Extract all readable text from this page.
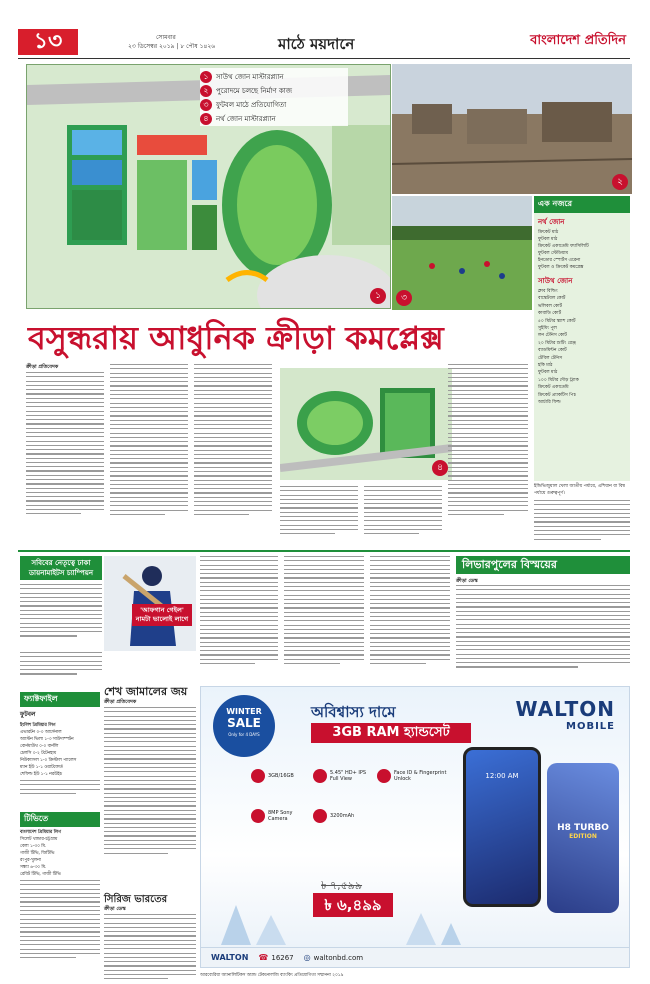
১৩	২৩ ডিসেম্বর ২০১৯ | ৮ পৌষ ১৪২৬
সোমবার	মাঠে ময়দানে	বাংলাদেশ প্রতিদিন
১	সাউথ জোন মাস্টারপ্ল্যান
২	পুরোদমে চলছে নির্মাণ কাজ
৩	ফুটবল মাঠে প্রতিযোগিতা
৪	নর্থ জোন মাস্টারপ্ল্যান
১
২
৩
এক নজরে
নর্থ জোন
ক্রিকেট মাঠ
ফুটবল মাঠ
ক্রিকেট একাডেমি ফ্যাসিলিটি
ফুটবল স্টেডিয়াম
ইনডোর স্পোর্টস এরেনা
ফুটবল ও ক্রিকেট কমপ্লেক্স
সাউথ জোন
ক্লাব বিল্ডিং
বাস্কেটবল কোর্ট
ভলিবল কোর্ট
কাবাডি কোর্ট
৫০ মিটার স্ক্যাশ কোর্ট
সুইমিং পুল
লন টেনিস কোর্ট
২০ মিটার শুটিং রেঞ্জ
ব্যাডমিন্টন কোর্ট
টেবিল টেনিস
হকি মাঠ
ফুটবল মাঠ
১০০ মিটার দৌড় ট্র্যাক
ক্রিকেট একাডেমি
ক্রিকেট প্র্যাকটিস পিচ
আর্চারি ফিল্ড
বসুন্ধরায় আধুনিক ক্রীড়া কমপ্লেক্স
ক্রীড়া প্রতিবেদক
৪
ইন্ডিভিজুয়াল খেলা জাতীয় পর্যায়ে, এশিয়ান বা বিশ্ব পর্যায়ে গুরুত্বপূর্ণ।
সবিবের নেতৃত্বে ঢাকা ডায়নামাইটস চ্যাম্পিয়ন
'আফগান গেইল' নামটা ভালোই লাগে
লিভারপুলের বিস্ময়ের
ক্রীড়া ডেস্ক
শেখ জামালের জয়
ক্রীড়া প্রতিবেদক
ফ্যাক্টফাইল
ফুটবল
ইংলিশ প্রিমিয়ার লিগ
এভারটন ০-০ আর্সেনাল
অ্যাস্টন ভিলা ১-৩ সাউদাম্পটন
বোর্নমাউথ ০-০ বার্নলি
চেলসি ০-২ টটেনহাম
নিউক্যাসল ১-০ ক্রিস্টাল প্যালেস
ম্যান ইউ ১-১ ওয়াটফোর্ড
শেফিল্ড ইউ ১-১ নরউইচ
টিভিতে
বাংলাদেশ প্রিমিয়ার লিগ
সিলেট থান্ডার-চট্টগ্রাম
বেলা ১-৩০ মি.
গাজী টিভি, জিটিভি
রংপুর-খুলনা
সন্ধ্যা ৬-৩০ মি.
রেবিট টিভি, গাজী টিভি
সিরিজ ভারতের
ক্রীড়া ডেস্ক
WINTER
SALE
Only for 4 DAYS
অবিশ্বাস্য দামে
3GB RAM হ্যান্ডসেট
WALTON
MOBILE
3GB/16GB	5.45" HD+ IPS Full View
Face ID & Fingerprint Unlock
8MP Sony Camera	3200mAh
12:00 AM
H8 TURBO
EDITION
৳ ৭,৫৯৯
৳ ৬,৪৯৯
WALTON ☎ 16267 ◎ waltonbd.com
আরব্যেরিয়া অ্যানালিটিকস অ্যান্ড টেকনোলজি ব্যাংকিং প্রতিযোগিতা সম্মাননা ২০১৯
